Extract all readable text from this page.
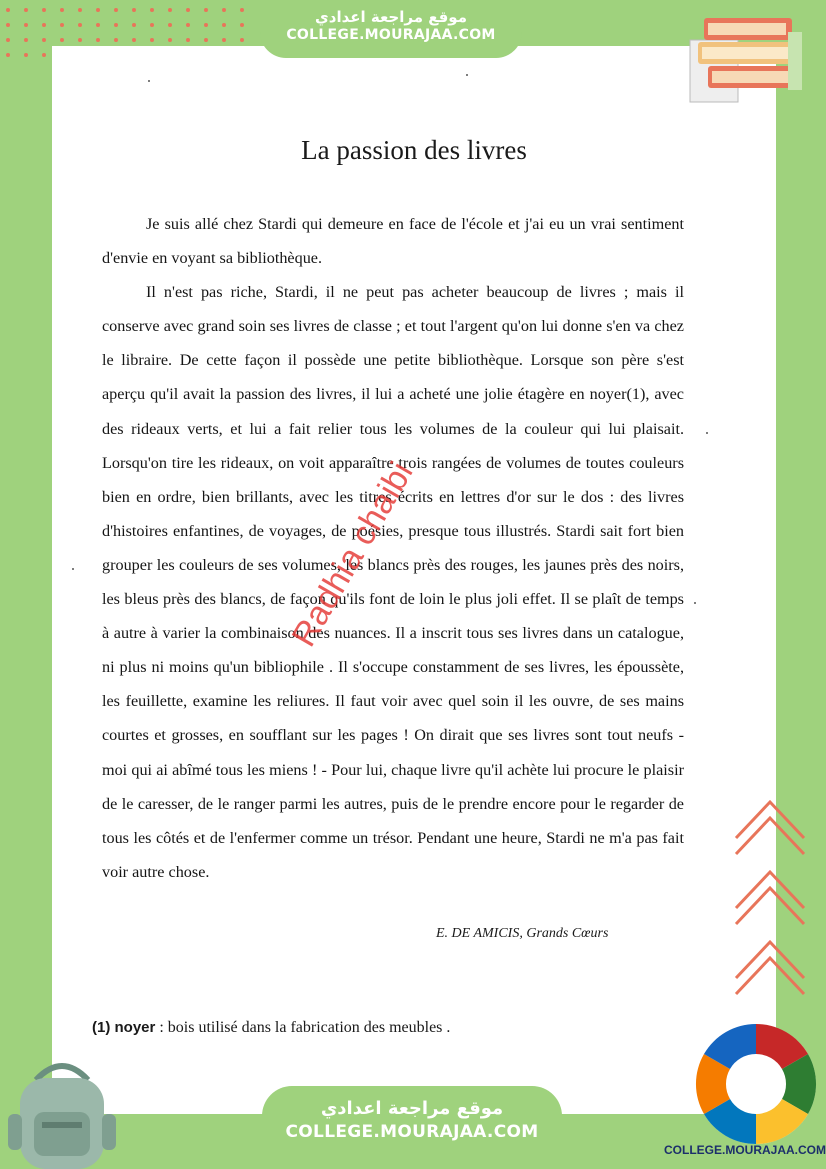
موقع مراجعة اعدادي
COLLEGE.MOURAJAA.COM
La passion des livres

Je suis allé chez Stardi qui demeure en face de l'école et j'ai eu un vrai sentiment d'envie en voyant sa bibliothèque.

Il n'est pas riche, Stardi, il ne peut pas acheter beaucoup de livres ; mais il conserve avec grand soin ses livres de classe ; et tout l'argent qu'on lui donne s'en va chez le libraire. De cette façon il possède une petite bibliothèque. Lorsque son père s'est aperçu qu'il avait la passion des livres, il lui a acheté une jolie étagère en noyer(1), avec des rideaux verts, et lui a fait relier tous les volumes de la couleur qui lui plaisait. Lorsqu'on tire les rideaux, on voit apparaître trois rangées de volumes de toutes couleurs bien en ordre, bien brillants, avec les titres écrits en lettres d'or sur le dos : des livres d'histoires enfantines, de voyages, de poésies, presque tous illustrés. Stardi sait fort bien grouper les couleurs de ses volumes, les blancs près des rouges, les jaunes près des noirs, les bleus près des blancs, de façon qu'ils font de loin le plus joli effet. Il se plaît de temps à autre à varier la combinaison des nuances. Il a inscrit tous ses livres dans un catalogue, ni plus ni moins qu'un bibliophile . Il s'occupe constamment de ses livres, les époussète, les feuillette, examine les reliures. Il faut voir avec quel soin il les ouvre, de ses mains courtes et grosses, en soufflant sur les pages ! On dirait que ses livres sont tout neufs - moi qui ai abîmé tous les miens ! - Pour lui, chaque livre qu'il achète lui procure le plaisir de le caresser, de le ranger parmi les autres, puis de le prendre encore pour le regarder de tous les côtés et de l'enfermer comme un trésor. Pendant une heure, Stardi ne m'a pas fait voir autre chose.

E. DE AMICIS, Grands Cœurs
(1) noyer : bois utilisé dans la fabrication des meubles .
Radhia chaibi
موقع مراجعة اعدادي
COLLEGE.MOURAJAA.COM
COLLEGE.MOURAJAA.COM
